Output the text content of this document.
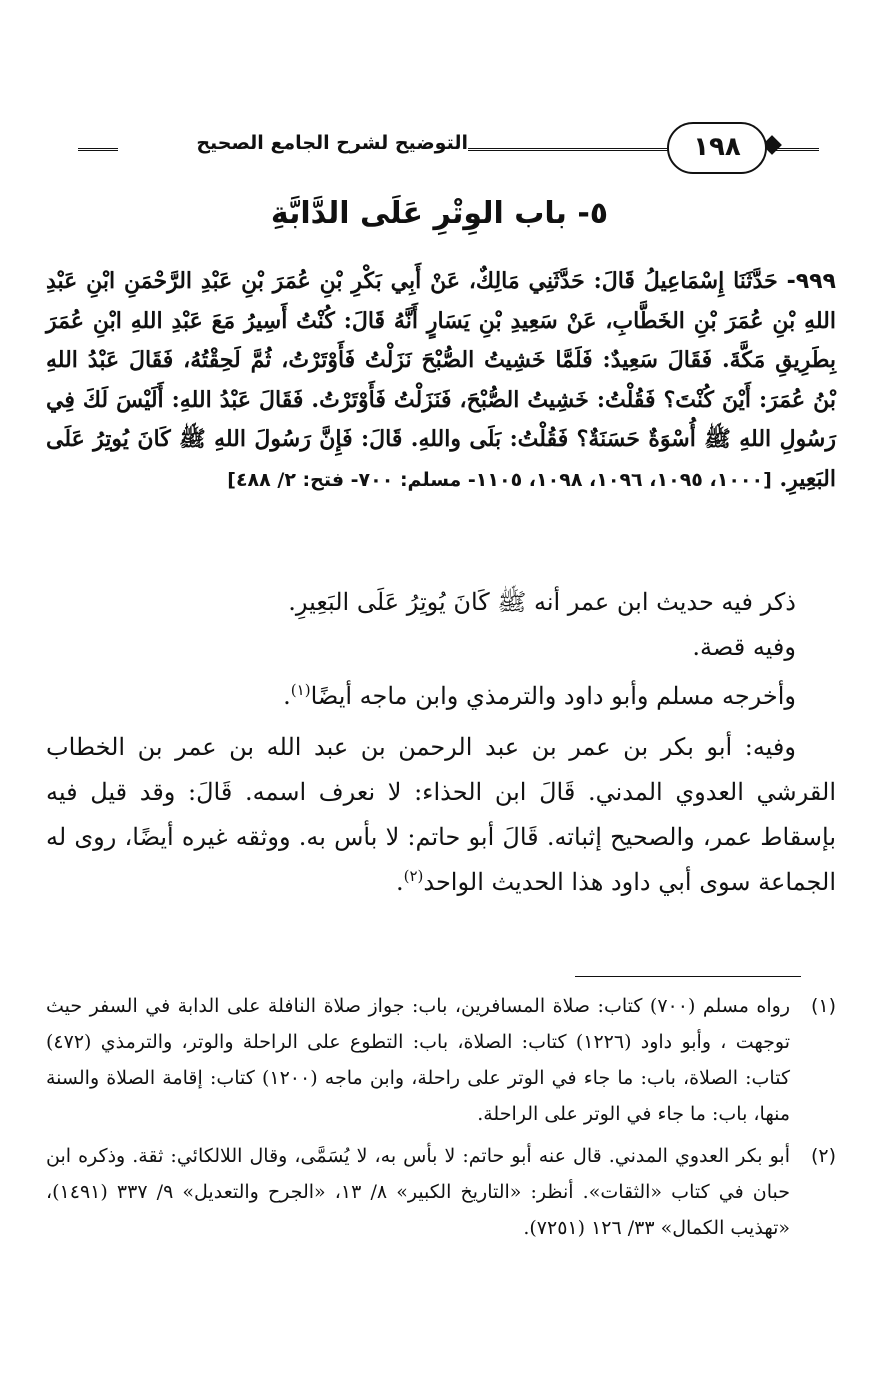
التوضيح لشرح الجامع الصحيح	١٩٨
٥- باب الوِتْرِ عَلَى الدَّابَّةِ
٩٩٩- حَدَّثَنَا إِسْمَاعِيلُ قَالَ: حَدَّثَنِي مَالِكٌ، عَنْ أَبِي بَكْرِ بْنِ عُمَرَ بْنِ عَبْدِ الرَّحْمَنِ ابْنِ عَبْدِ اللهِ بْنِ عُمَرَ بْنِ الخَطَّابِ، عَنْ سَعِيدِ بْنِ يَسَارٍ أَنَّهُ قَالَ: كُنْتُ أَسِيرُ مَعَ عَبْدِ اللهِ ابْنِ عُمَرَ بِطَرِيقِ مَكَّةَ. فَقَالَ سَعِيدٌ: فَلَمَّا خَشِيتُ الصُّبْحَ نَزَلْتُ فَأَوْتَرْتُ، ثُمَّ لَحِقْتُهُ، فَقَالَ عَبْدُ اللهِ بْنُ عُمَرَ: أَيْنَ كُنْتَ؟ فَقُلْتُ: خَشِيتُ الصُّبْحَ، فَنَزَلْتُ فَأَوْتَرْتُ. فَقَالَ عَبْدُ اللهِ: أَلَيْسَ لَكَ فِي رَسُولِ اللهِ ﷺ أُسْوَةٌ حَسَنَةٌ؟ فَقُلْتُ: بَلَى واللهِ. قَالَ: فَإِنَّ رَسُولَ اللهِ ﷺ كَانَ يُوتِرُ عَلَى البَعِيرِ. [١٠٠٠، ١٠٩٥، ١٠٩٦، ١٠٩٨، ١١٠٥- مسلم: ٧٠٠- فتح: ٢/ ٤٨٨]

ذكر فيه حديث ابن عمر أنه ﷺ كَانَ يُوتِرُ عَلَى البَعِيرِ.

وفيه قصة.

وأخرجه مسلم وأبو داود والترمذي وابن ماجه أيضًا$^{(١)}$.

وفيه: أبو بكر بن عمر بن عبد الرحمن بن عبد الله بن عمر بن الخطاب القرشي العدوي المدني. قَالَ ابن الحذاء: لا نعرف اسمه. قَالَ: وقد قيل فيه بإسقاط عمر، والصحيح إثباته. قَالَ أبو حاتم: لا بأس به. ووثقه غيره أيضًا، روى له الجماعة سوى أبي داود هذا الحديث الواحد$^{(٢)}$.

(١)
رواه مسلم (٧٠٠) كتاب: صلاة المسافرين، باب: جواز صلاة النافلة على الدابة في السفر حيث توجهت ، وأبو داود (١٢٢٦) كتاب: الصلاة، باب: التطوع على الراحلة والوتر، والترمذي (٤٧٢) كتاب: الصلاة، باب: ما جاء في الوتر على راحلة، وابن ماجه (١٢٠٠) كتاب: إقامة الصلاة والسنة منها، باب: ما جاء في الوتر على الراحلة.
(٢)
أبو بكر العدوي المدني. قال عنه أبو حاتم: لا بأس به، لا يُسَمَّى، وقال اللالكائي: ثقة. وذكره ابن حبان في كتاب «الثقات». أنظر: «التاريخ الكبير» ٨/ ١٣، «الجرح والتعديل» ٩/ ٣٣٧ (١٤٩١)، «تهذيب الكمال» ٣٣/ ١٢٦ (٧٢٥١).
